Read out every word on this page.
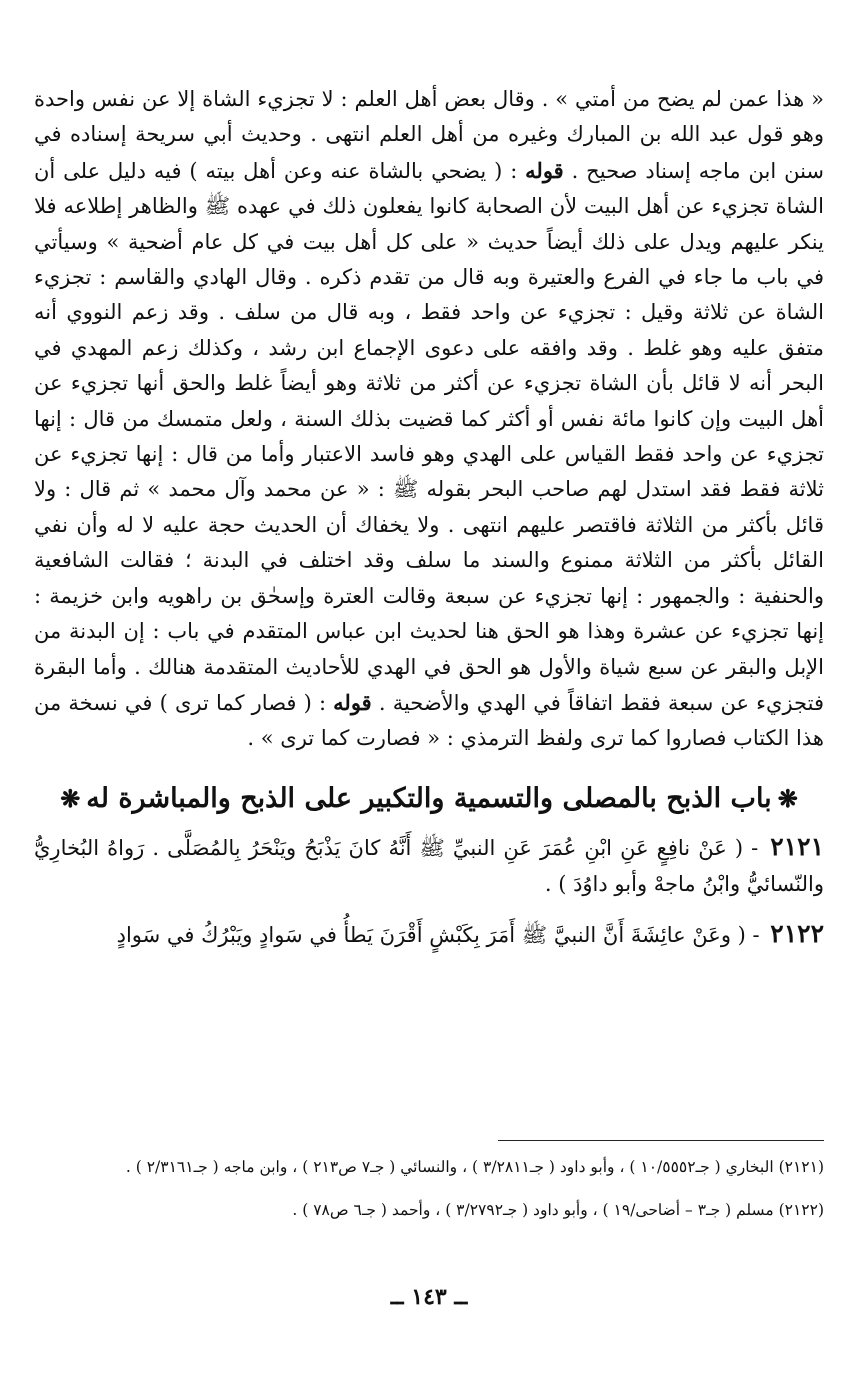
« هذا عمن لم يضح من أمتي » . وقال بعض أهل العلم : لا تجزيء الشاة إلا عن نفس واحدة وهو قول عبد الله بن المبارك وغيره من أهل العلم انتهى . وحديث أبي سريحة إسناده في سنن ابن ماجه إسناد صحيح . قوله : ( يضحي بالشاة عنه وعن أهل بيته ) فيه دليل على أن الشاة تجزيء عن أهل البيت لأن الصحابة كانوا يفعلون ذلك في عهده ﷺ والظاهر إطلاعه فلا ينكر عليهم ويدل على ذلك أيضاً حديث « على كل أهل بيت في كل عام أضحية » وسيأتي في باب ما جاء في الفرع والعتيرة وبه قال من تقدم ذكره . وقال الهادي والقاسم : تجزيء الشاة عن ثلاثة وقيل : تجزيء عن واحد فقط ، وبه قال من سلف . وقد زعم النووي أنه متفق عليه وهو غلط . وقد وافقه على دعوى الإجماع ابن رشد ، وكذلك زعم المهدي في البحر أنه لا قائل بأن الشاة تجزيء عن أكثر من ثلاثة وهو أيضاً غلط والحق أنها تجزيء عن أهل البيت وإن كانوا مائة نفس أو أكثر كما قضيت بذلك السنة ، ولعل متمسك من قال : إنها تجزيء عن واحد فقط القياس على الهدي وهو فاسد الاعتبار وأما من قال : إنها تجزيء عن ثلاثة فقط فقد استدل لهم صاحب البحر بقوله ﷺ : « عن محمد وآل محمد » ثم قال : ولا قائل بأكثر من الثلاثة فاقتصر عليهم انتهى . ولا يخفاك أن الحديث حجة عليه لا له وأن نفي القائل بأكثر من الثلاثة ممنوع والسند ما سلف وقد اختلف في البدنة ؛ فقالت الشافعية والحنفية : والجمهور : إنها تجزيء عن سبعة وقالت العترة وإسحٰق بن راهويه وابن خزيمة : إنها تجزيء عن عشرة وهذا هو الحق هنا لحديث ابن عباس المتقدم في باب : إن البدنة من الإبل والبقر عن سبع شياة والأول هو الحق في الهدي للأحاديث المتقدمة هنالك . وأما البقرة فتجزيء عن سبعة فقط اتفاقاً في الهدي والأضحية . قوله : ( فصار كما ترى ) في نسخة من هذا الكتاب فصاروا كما ترى ولفظ الترمذي : « فصارت كما ترى » .

❋باب الذبح بالمصلى والتسمية والتكبير على الذبح والمباشرة له❋

٢١٢١ - ( عَنْ نافِعٍ عَنِ ابْنِ عُمَرَ عَنِ النبيِّ ﷺ أَنَّهُ كانَ يَذْبَحُ ويَنْحَرُ بِالمُصَلَّى . رَواهُ البُخارِيُّ والنّسائيُّ وابْنُ ماجهْ وأبو داوُدَ ) .

٢١٢٢ - ( وعَنْ عائِشَةَ أَنَّ النبيَّ ﷺ أَمَرَ بِكَبْشٍ أَقْرَنَ يَطأُ في سَوادٍ ويَبْرُكُ في سَوادٍ

(٢١٢١) البخاري ( جـ١٠/٥٥٥٢ ) ، وأبو داود ( جـ٣/٢٨١١ ) ، والنسائي ( جـ٧ ص٢١٣ ) ، وابن ماجه ( جـ٢/٣١٦١ ) .

(٢١٢٢) مسلم ( جـ٣ – أضاحى/١٩ ) ، وأبو داود ( جـ٣/٢٧٩٢ ) ، وأحمد ( جـ٦ ص٧٨ ) .

ــ ١٤٣ ــ
